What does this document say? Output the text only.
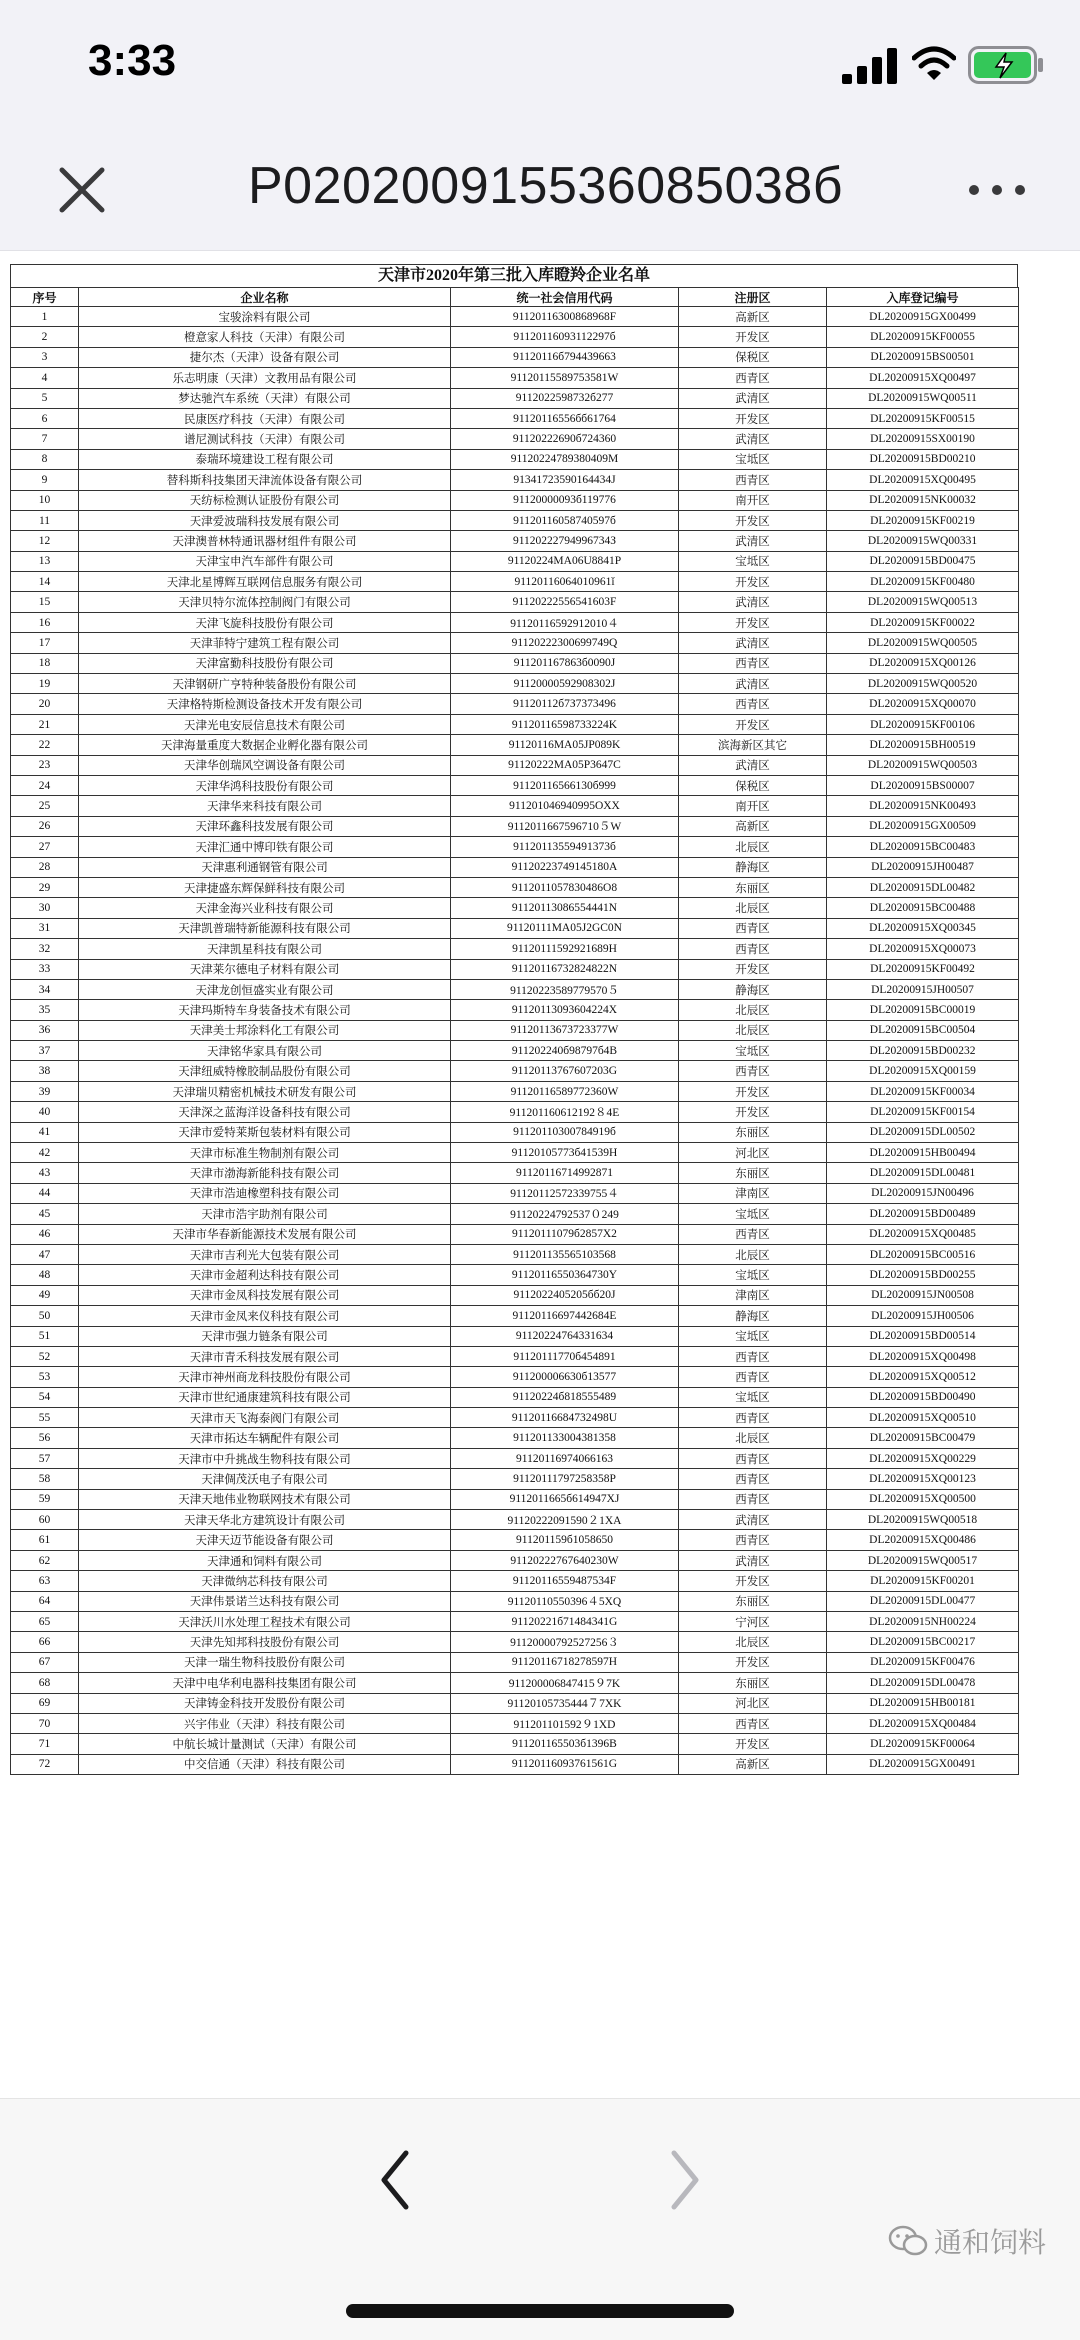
3:33
P020200915536085038б
天津市2020年第三批入库瞪羚企业名单
序号	企业名称	统一社会信用代码	注册区	入库登记编号
1	宝骏涂料有限公司	91120116300868968F	高新区	DL20200915GX00499
2	橙意家人科技（天津）有限公司	91120116093112297б	开发区	DL20200915KF00055
3	捷尔杰（天津）设备有限公司	91120116б794439663	保税区	DL20200915BS00501
4	乐志明康（天津）文教用品有限公司	91120115589753581W	西青区	DL20200915XQ00497
5	梦达驰汽车系统（天津）有限公司	9112022598732б277	武清区	DL20200915WQ00511
6	民康医疗科技（天津）有限公司	91120116556бб61764	开发区	DL20200915KF00515
7	谱尼测试科技（天津）有限公司	91120222690б724360	武清区	DL20200915SX00190
8	泰瑞环境建设工程有限公司	91120224789380409M	宝坻区	DL20200915BD00210
9	替科斯科技集团天津流体设备有限公司	91341723590164434J	西青区	DL20200915XQ00495
10	天纺标检测认证股份有限公司	91120000093б119776	南开区	DL20200915NK00032
11	天津爱波瑞科技发展有限公司	91120116058740597б	开发区	DL20200915KF00219
12	天津澳普林特通讯器材组件有限公司	91120222794996734З	武清区	DL20200915WQ00331
13	天津宝申汽车部件有限公司	91120224MA06U8841P	宝坻区	DL20200915BD00475
14	天津北星博辉互联网信息服务有限公司	91120116064010961ǐ	开发区	DL20200915KF00480
15	天津贝特尔流体控制阀门有限公司	91120222556541603F	武清区	DL20200915WQ00513
16	天津飞旋科技股份有限公司	91120116592912010４	开发区	DL20200915KF00022
17	天津菲特宁建筑工程有限公司	91120222300699749Q	武清区	DL20200915WQ00505
18	天津富勤科技股份有限公司	911201167863б0090J	西青区	DL20200915XQ00126
19	天津钢研广亨特种装备股份有限公司	91120000592908302J	武清区	DL20200915WQ00520
20	天津格特斯检测设备技术开发有限公司	91120112б7З7373496	西青区	DL20200915XQ00070
21	天津光电安辰信息技术有限公司	91120116598733224K	开发区	DL20200915KF00106
22	天津海量重度大数据企业孵化器有限公司	91120116MA05JP089K	滨海新区其它	DL20200915BH00519
23	天津华创瑞风空调设备有限公司	91120222MA05P3647C	武清区	DL20200915WQ00503
24	天津华鸿科技股份有限公司	91120116566130б999	保税区	DL20200915BS00007
25	天津华来科技有限公司	911201046940995ΟXX	南开区	DL20200915NK00493
26	天津环鑫科技发展有限公司	9112011667596710５W	高新区	DL20200915GX00509
27	天津汇通中博印铁有限公司	91120113559491373б	北辰区	DL20200915BC00483
28	天津惠利通钢管有限公司	91120223749145180A	静海区	DL20200915JH00487
29	天津捷盛东辉保鲜科技有限公司	9112011057830486О8	东丽区	DL20200915DL00482
30	天津金海兴业科技有限公司	91120113086554441N	北辰区	DL20200915BC00488
31	天津凯普瑞特新能源科技有限公司	91120111MA05J2GC0N	西青区	DL20200915XQ00345
32	天津凯星科技有限公司	91120111592921689H	西青区	DL20200915XQ00073
33	天津莱尔德电子材料有限公司	91120116732824822N	开发区	DL20200915KF00492
34	天津龙创恒盛实业有限公司	91120223589779570５	静海区	DL20200915JH00507
35	天津玛斯特车身装备技术有限公司	91120113093604224X	北辰区	DL20200915BC00019
36	天津美士邦涂料化工有限公司	91120113673723377W	北辰区	DL20200915BC00504
37	天津铭华家具有限公司	911202240б98797б4B	宝坻区	DL20200915BD00232
38	天津纽威特橡胶制品股份有限公司	91120113767607203G	西青区	DL20200915XQ00159
39	天津瑞贝精密机械技术研发有限公司	91120116589772360W	开发区	DL20200915KF00034
40	天津深之蓝海洋设备科技有限公司	911201160612192８4E	开发区	DL20200915KF00154
41	天津市爱特莱斯包装材料有限公司	91120110300784919б	东丽区	DL20200915DL00502
42	天津市标准生物制剂有限公司	91120105773б41539H	河北区	DL20200915HB00494
43	天津市渤海新能科技有限公司	91120116714992871	东丽区	DL20200915DL00481
44	天津市浩迪橡塑科技有限公司	91120112572339755４	津南区	DL20200915JN00496
45	天津市浩宇助剂有限公司	91120224792537０249	宝坻区	DL20200915BD00489
46	天津市华春新能源技术发展有限公司	91120111079б2857X2	西青区	DL20200915XQ00485
47	天津市吉利光大包装有限公司	911201135565103568	北辰区	DL20200915BC00516
48	天津市金超利达科技有限公司	91120116550364730Y	宝坻区	DL20200915BD00255
49	天津市金凤科技发展有限公司	9112022405205бб20J	津南区	DL20200915JN00508
50	天津市金凤来仪科技有限公司	91120116697442684E	静海区	DL20200915JH00506
51	天津市强力链条有限公司	911202247643З1634	宝坻区	DL20200915BD00514
52	天津市青禾科技发展有限公司	91120111770б454891	西青区	DL20200915XQ00498
53	天津市神州商龙科技股份有限公司	911200006630б13577	西青区	DL20200915XQ00512
54	天津市世纪通康建筑科技有限公司	91120224б818555489	宝坻区	DL20200915BD00490
55	天津市天飞海泰阀门有限公司	91120116684732498U	西青区	DL20200915XQ00510
56	天津市拓达车辆配件有限公司	911201133004381358	北辰区	DL20200915BC00479
57	天津市中升挑战生物科技有限公司	91120116974066163	西青区	DL20200915XQ00229
58	天津倜茂沃电子有限公司	91120111797258358P	西青区	DL20200915XQ00123
59	天津天地伟业物联网技术有限公司	9112011665б614947XJ	西青区	DL20200915XQ00500
60	天津天华北方建筑设计有限公司	91120222091590２1XA	武清区	DL20200915WQ00518
61	天津天迈节能设备有限公司	911201159б1058650	西青区	DL20200915XQ00486
62	天津通和饲料有限公司	91120222767640230W	武清区	DL20200915WQ00517
63	天津微纳芯科技有限公司	91120116559487534F	开发区	DL20200915KF00201
64	天津伟景诺兰达科技有限公司	91120110550396４5XQ	东丽区	DL20200915DL00477
65	天津沃川水处理工程技术有限公司	91120221б71484341G	宁河区	DL20200915NH00224
66	天津先知邦科技股份有限公司	91120000792527256３	北辰区	DL20200915BC00217
67	天津一瑞生物科技股份有限公司	91120116718278597H	开发区	DL20200915KF00476
68	天津中电华利电器科技集团有限公司	911200006847415９7K	东丽区	DL20200915DL00478
69	天津铸金科技开发股份有限公司	91120105735444７7XK	河北区	DL20200915HB00181
70	兴宇伟业（天津）科技有限公司	911201101592９1XD	西青区	DL20200915XQ00484
71	中航长城计量测试（天津）有限公司	911201165503б1396B	开发区	DL20200915KF00064
72	中交信通（天津）科技有限公司	91120116093761561G	高新区	DL20200915GX00491
通和饲料
